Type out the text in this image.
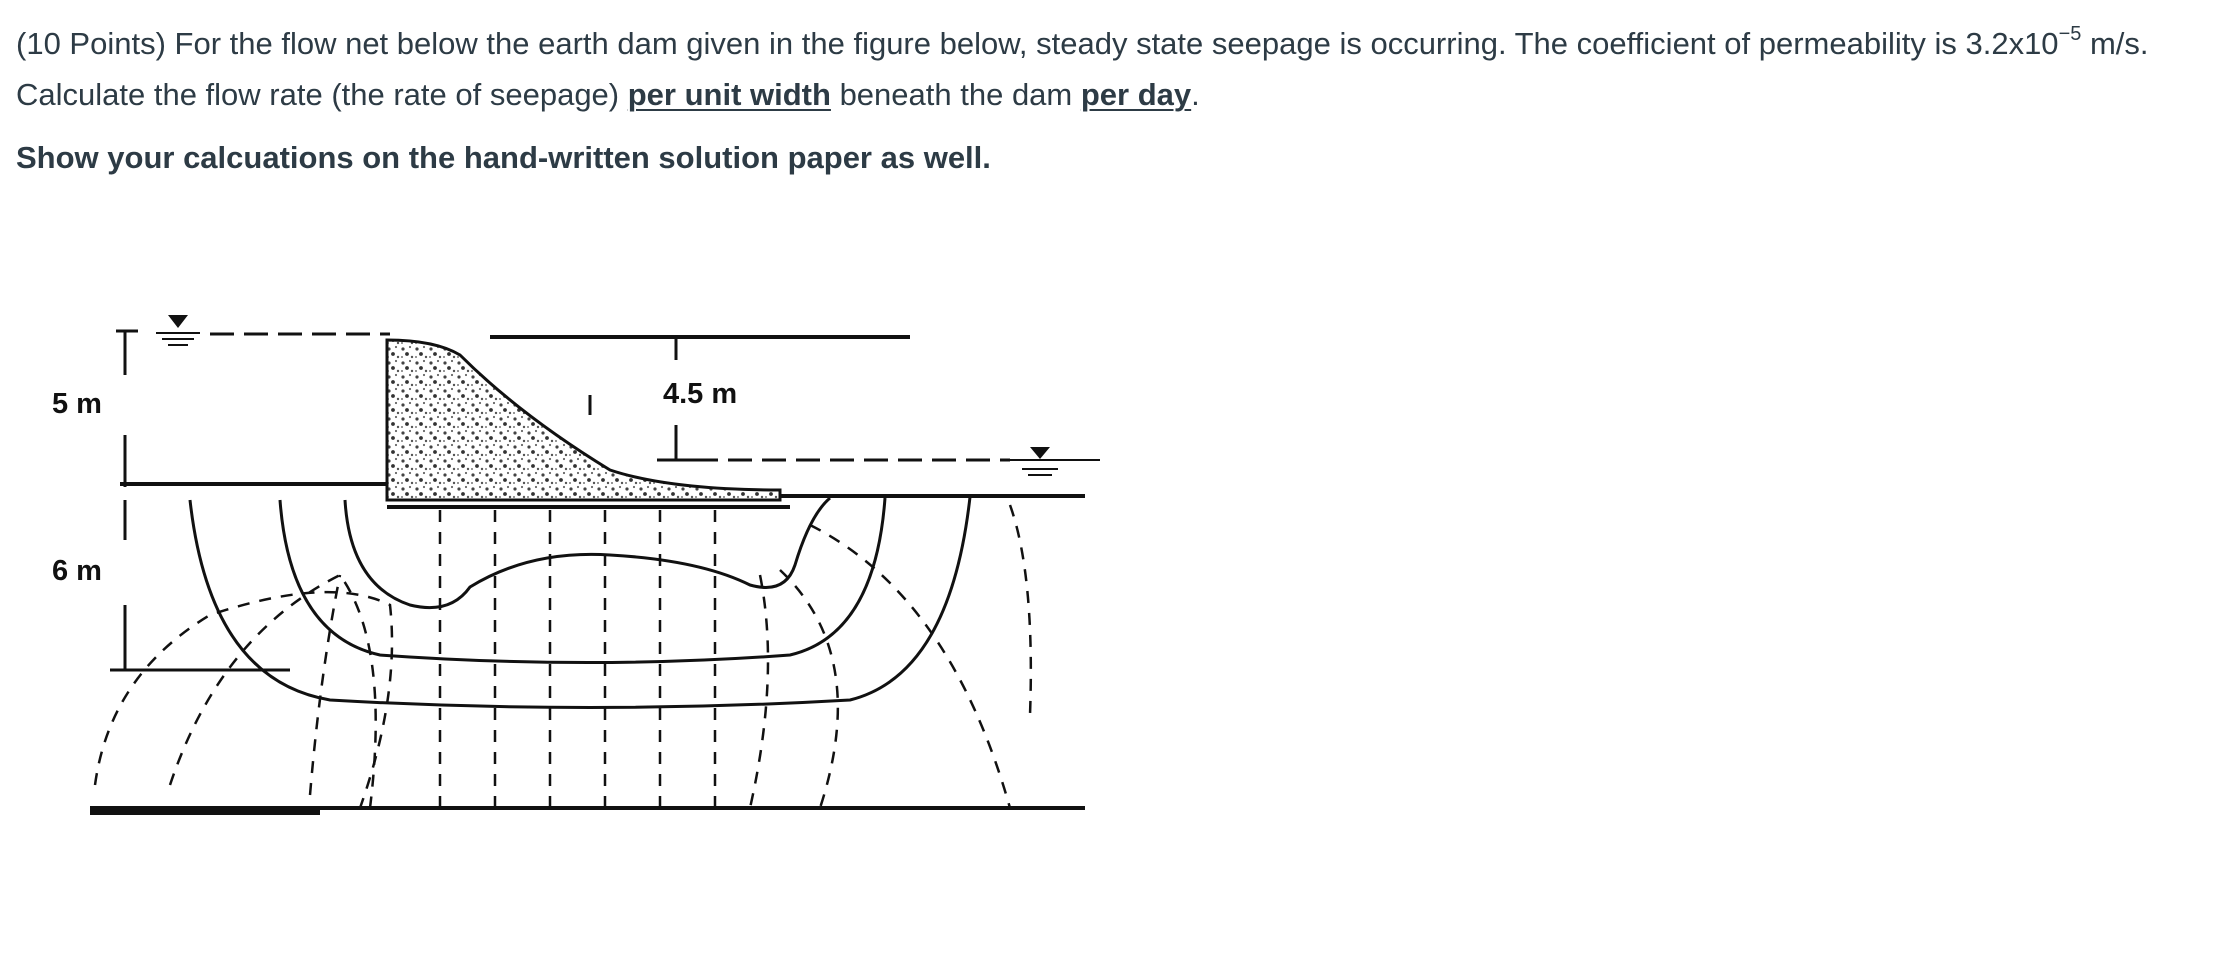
(10 Points) For the flow net below the earth dam given in the figure below, steady state seepage is occurring. The coefficient of permeability is $3.2x10^{-5}$ m/s. Calculate the flow rate (the rate of seepage) per unit width beneath the dam per day.

Show your calcuations on the hand-written solution paper as well.

5 m
6 m
4.5 m
